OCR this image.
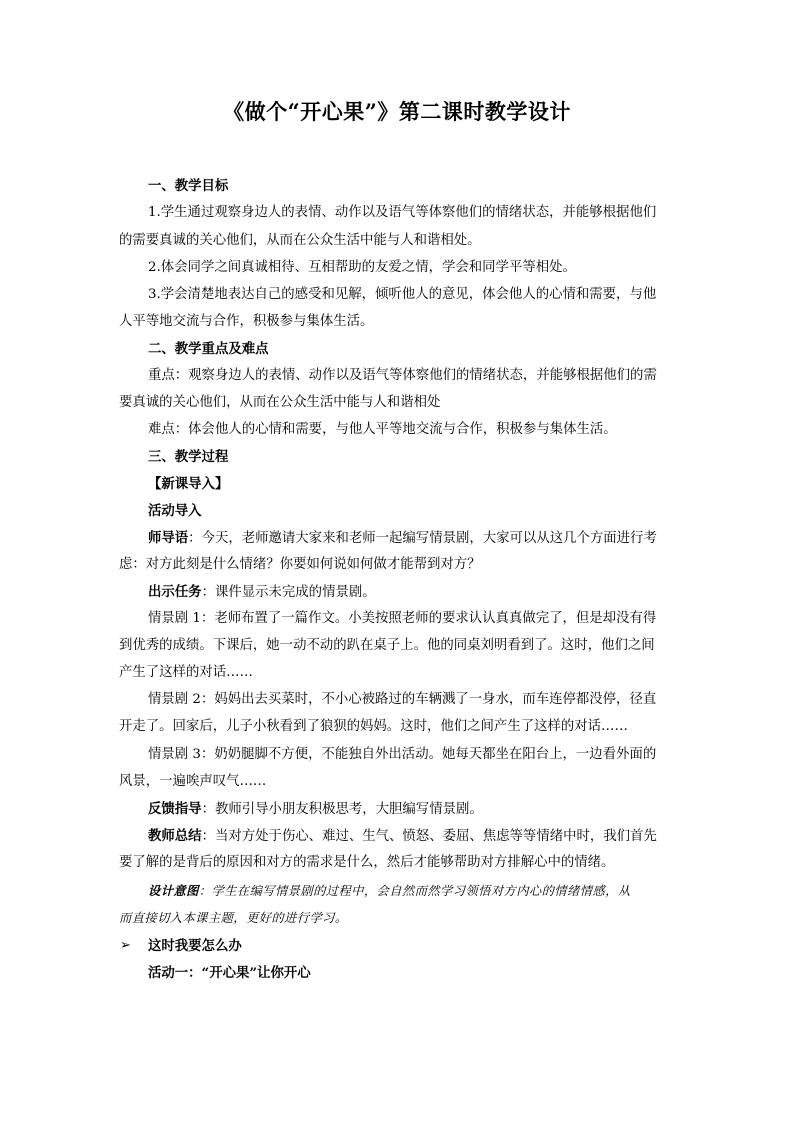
《做个“开心果”》第二课时教学设计
一、教学目标
1.学生通过观察身边人的表情、动作以及语气等体察他们的情绪状态，并能够根据他们
的需要真诚的关心他们，从而在公众生活中能与人和谐相处。
2.体会同学之间真诚相待、互相帮助的友爱之情，学会和同学平等相处。
3.学会清楚地表达自己的感受和见解，倾听他人的意见，体会他人的心情和需要，与他
人平等地交流与合作，积极参与集体生活。
二、教学重点及难点
重点：观察身边人的表情、动作以及语气等体察他们的情绪状态，并能够根据他们的需
要真诚的关心他们，从而在公众生活中能与人和谐相处
难点：体会他人的心情和需要，与他人平等地交流与合作，积极参与集体生活。
三、教学过程
【新课导入】
活动导入
师导语：今天，老师邀请大家来和老师一起编写情景剧，大家可以从这几个方面进行考
虑：对方此刻是什么情绪？你要如何说如何做才能帮到对方？
出示任务：课件显示未完成的情景剧。
情景剧 1：老师布置了一篇作文。小美按照老师的要求认认真真做完了，但是却没有得
到优秀的成绩。下课后，她一动不动的趴在桌子上。他的同桌刘明看到了。这时，他们之间
产生了这样的对话……
情景剧 2：妈妈出去买菜时，不小心被路过的车辆溅了一身水，而车连停都没停，径直
开走了。回家后，儿子小秋看到了狼狈的妈妈。这时，他们之间产生了这样的对话……
情景剧 3：奶奶腿脚不方便，不能独自外出活动。她每天都坐在阳台上，一边看外面的
风景，一遍唉声叹气……
反馈指导：教师引导小朋友积极思考，大胆编写情景剧。
教师总结：当对方处于伤心、难过、生气、愤怒、委屈、焦虑等等情绪中时，我们首先
要了解的是背后的原因和对方的需求是什么，然后才能够帮助对方排解心中的情绪。
设计意图：学生在编写情景剧的过程中，会自然而然学习领悟对方内心的情绪情感，从
而直接切入本课主题，更好的进行学习。
➢ 这时我要怎么办
活动一：“开心果”让你开心
